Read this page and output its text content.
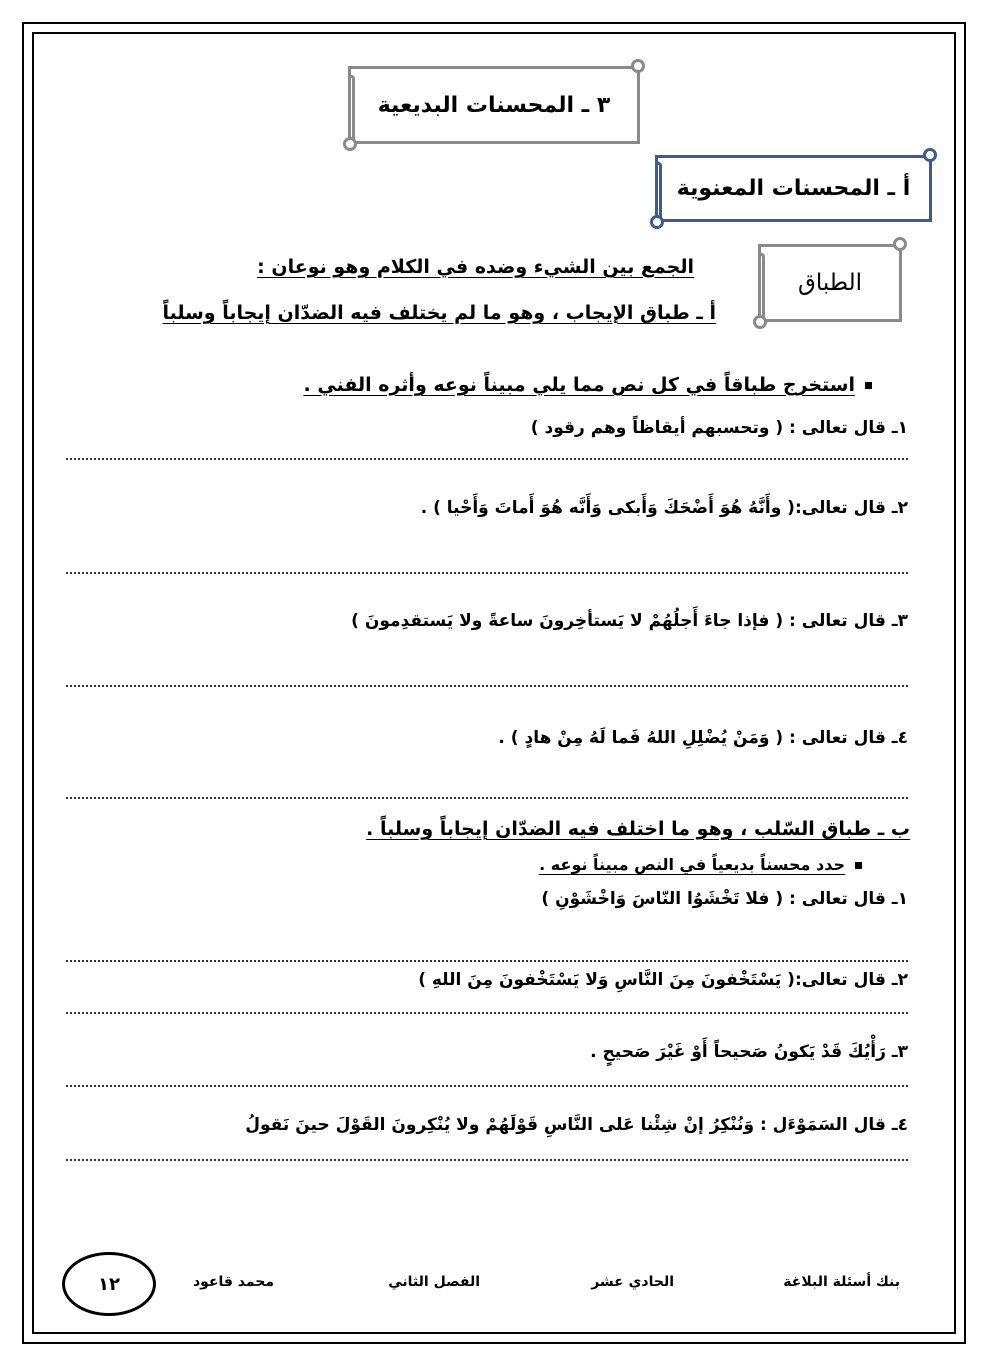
٣ ـ المحسنات البديعية
أ ـ المحسنات المعنوية
الطباق
الجمع بين الشيء وضده في الكلام وهو نوعان :
أ ـ طباق الإيجاب ، وهو ما لم يختلف فيه الضدّان إيجاباً وسلباً
استخرج طباقاً في كل نص مما يلي مبيناً نوعه وأثره الفني .
١ـ قال تعالى : ( وتحسبهم أيقاظاً وهم رقود )
٢ـ قال تعالى:( وأَنَّهُ هُوَ أَضْحَكَ وَأَبكى وَأَنَّه هُوَ أَماتَ وَأَحْيا ) .
٣ـ قال تعالى : ( فإذا جاءَ أَجلُهُمْ لا يَستأخِرونَ ساعةً ولا يَستقدِمونَ )
٤ـ قال تعالى : ( وَمَنْ يُضْلِلِ اللهُ فَما لَهُ مِنْ هادٍ ) .
ب ـ طباق السّلب ، وهو ما اختلف فيه الضدّان إيجاباً وسلباً .
حدد محسناً بديعياً في النص مبيناً نوعه .
١ـ قال تعالى : ( فلا تَخْشَوُا النّاسَ وَاخْشَوْنِ )
٢ـ قال تعالى:( يَسْتَخْفونَ مِنَ النَّاسِ وَلا يَسْتَخْفونَ مِنَ اللهِ )
٣ـ رَأْيُكَ قَدْ يَكونُ صَحيحاً أَوْ غَيْرَ صَحيحٍ .
٤ـ قال السَمَوْءَل : وَنُنْكِرُ إنْ شِئْنا عَلى النَّاسِ قَوْلَهُمْ ولا يُنْكِرونَ القَوْلَ حينَ نَقولُ
بنك أسئلة البلاغة
الحادي عشر
الفصل الثاني
محمد قاعود
١٢
